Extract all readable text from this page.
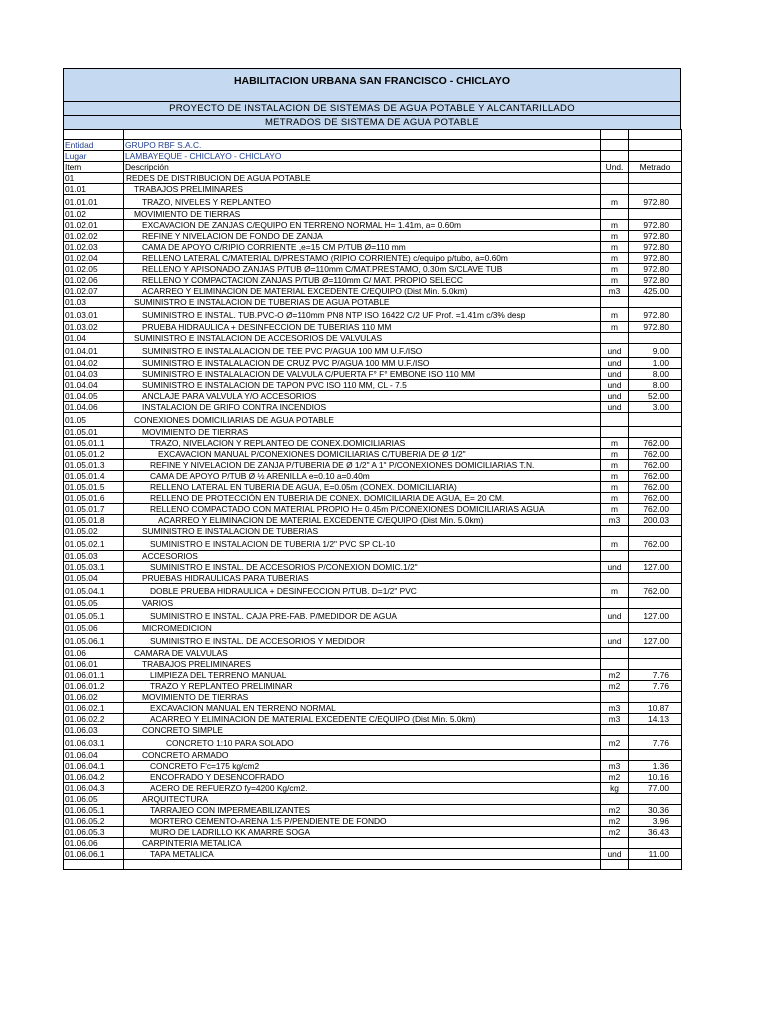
HABILITACION URBANA SAN FRANCISCO - CHICLAYO
PROYECTO DE INSTALACION DE SISTEMAS DE AGUA POTABLE Y ALCANTARILLADO
METRADOS DE SISTEMA DE AGUA POTABLE

Entidad	GRUPO RBF S.A.C.		
Lugar	LAMBAYEQUE - CHICLAYO - CHICLAYO		
Item	Descripción	Und.	Metrado
01	REDES DE DISTRIBUCION DE AGUA POTABLE		
01.01	TRABAJOS PRELIMINARES		
01.01.01	TRAZO, NIVELES Y REPLANTEO	m	972.80
01.02	MOVIMIENTO DE TIERRAS		
01.02.01	EXCAVACION DE ZANJAS C/EQUIPO EN TERRENO NORMAL H= 1.41m, a= 0.60m	m	972.80
01.02.02	REFINE Y NIVELACION DE FONDO DE ZANJA	m	972.80
01.02.03	CAMA DE APOYO C/RIPIO CORRIENTE ,e=15 CM P/TUB Ø=110 mm	m	972.80
01.02.04	RELLENO LATERAL C/MATERIAL D/PRESTAMO (RIPIO CORRIENTE) c/equipo p/tubo, a=0.60m	m	972.80
01.02.05	RELLENO Y APISONADO ZANJAS P/TUB Ø=110mm C/MAT.PRESTAMO, 0.30m S/CLAVE TUB	m	972.80
01.02.06	RELLENO Y COMPACTACION ZANJAS P/TUB Ø=110mm C/ MAT. PROPIO SELECC	m	972.80
01.02.07	ACARREO Y ELIMINACION DE MATERIAL EXCEDENTE C/EQUIPO (Dist Min. 5.0km)	m3	425.00
01.03	SUMINISTRO E INSTALACION DE TUBERIAS DE AGUA POTABLE		
01.03.01	SUMINISTRO E INSTAL. TUB.PVC-O Ø=110mm PN8 NTP ISO 16422 C/2 UF Prof. =1.41m c/3% desp	m	972.80
01.03.02	PRUEBA HIDRAULICA + DESINFECCION DE TUBERIAS 110 MM	m	972.80
01.04	SUMINISTRO E INSTALACION DE ACCESORIOS DE VALVULAS		
01.04.01	SUMINISTRO E INSTALALACION DE TEE PVC P/AGUA 100 MM U.F./ISO	und	9.00
01.04.02	SUMINISTRO E INSTALALACION DE CRUZ PVC P/AGUA 100 MM U.F./ISO	und	1.00
01.04.03	SUMINISTRO E INSTALALACION DE VALVULA C/PUERTA F° F° EMBONE ISO 110 MM	und	8.00
01.04.04	SUMINISTRO E INSTALACION DE TAPON PVC ISO 110 MM, CL - 7.5	und	8.00
01.04.05	ANCLAJE PARA VALVULA Y/O ACCESORIOS	und	52.00
01.04.06	INSTALACION DE GRIFO CONTRA INCENDIOS	und	3.00
01.05	CONEXIONES DOMICILIARIAS DE AGUA POTABLE		
01.05.01	MOVIMIENTO DE TIERRAS		
01.05.01.1	TRAZO, NIVELACION Y REPLANTEO DE CONEX.DOMICILIARIAS	m	762.00
01.05.01.2	EXCAVACION MANUAL P/CONEXIONES DOMICILIARIAS C/TUBERIA DE Ø 1/2"	m	762.00
01.05.01.3	REFINE Y NIVELACION DE ZANJA P/TUBERIA DE Ø 1/2" A 1" P/CONEXIONES DOMICILIARIAS T.N.	m	762.00
01.05.01.4	CAMA DE APOYO P/TUB Ø ½ ARENILLA e=0.10 a=0.40m	m	762.00
01.05.01.5	RELLENO LATERAL EN TUBERIA DE AGUA, E=0.05m (CONEX. DOMICILIARIA)	m	762.00
01.05.01.6	RELLENO DE PROTECCIÓN EN TUBERIA DE CONEX. DOMICILIARIA DE AGUA, E= 20 CM.	m	762.00
01.05.01.7	RELLENO COMPACTADO CON MATERIAL PROPIO H= 0.45m P/CONEXIONES DOMICILIARIAS AGUA	m	762.00
01.05.01.8	ACARREO Y ELIMINACION DE MATERIAL EXCEDENTE C/EQUIPO (Dist Min. 5.0km)	m3	200.03
01.05.02	SUMINISTRO E INSTALACION DE TUBERIAS		
01.05.02.1	SUMINISTRO E INSTALACION DE TUBERIA 1/2" PVC SP CL-10	m	762.00
01.05.03	ACCESORIOS		
01.05.03.1	SUMINISTRO E INSTAL. DE ACCESORIOS P/CONEXION DOMIC.1/2"	und	127.00
01.05.04	PRUEBAS HIDRAULICAS PARA TUBERIAS		
01.05.04.1	DOBLE PRUEBA HIDRAULICA + DESINFECCION P/TUB. D=1/2" PVC	m	762.00
01.05.05	VARIOS		
01.05.05.1	SUMINISTRO E INSTAL. CAJA PRE-FAB. P/MEDIDOR DE AGUA	und	127.00
01.05.06	MICROMEDICION		
01.05.06.1	SUMINISTRO E INSTAL. DE ACCESORIOS Y MEDIDOR	und	127.00
01.06	CAMARA DE VALVULAS		
01.06.01	TRABAJOS PRELIMINARES		
01.06.01.1	LIMPIEZA DEL TERRENO MANUAL	m2	7.76
01.06.01.2	TRAZO Y REPLANTEO PRELIMINAR	m2	7.76
01.06.02	MOVIMIENTO DE TIERRAS		
01.06.02.1	EXCAVACION MANUAL EN TERRENO NORMAL	m3	10.87
01.06.02.2	ACARREO Y ELIMINACION DE MATERIAL EXCEDENTE C/EQUIPO (Dist Min. 5.0km)	m3	14.13
01.06.03	CONCRETO SIMPLE		
01.06.03.1	CONCRETO 1:10 PARA SOLADO	m2	7.76
01.06.04	CONCRETO ARMADO		
01.06.04.1	CONCRETO F'c=175 kg/cm2	m3	1.36
01.06.04.2	ENCOFRADO Y DESENCOFRADO	m2	10.16
01.06.04.3	ACERO DE REFUERZO fy=4200 Kg/cm2.	kg	77.00
01.06.05	ARQUITECTURA		
01.06.05.1	TARRAJEO CON IMPERMEABILIZANTES	m2	30.36
01.06.05.2	MORTERO CEMENTO-ARENA 1:5 P/PENDIENTE DE FONDO	m2	3.96
01.06.05.3	MURO DE LADRILLO KK AMARRE SOGA	m2	36.43
01.06.06	CARPINTERIA METALICA		
01.06.06.1	TAPA METALICA	und	11.00
